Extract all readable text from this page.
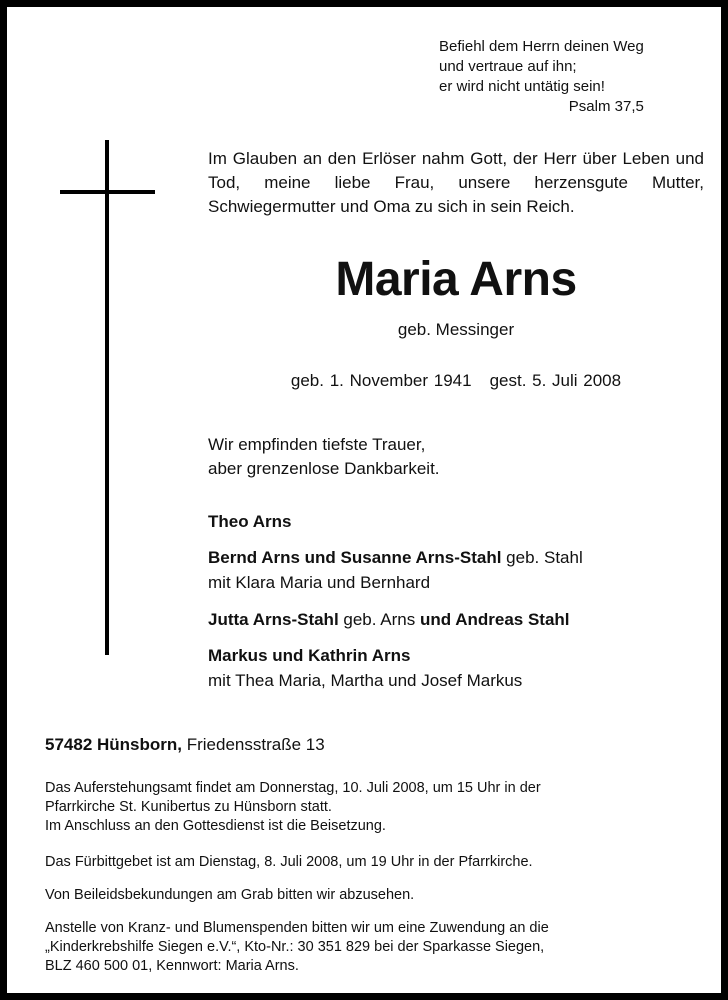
Befiehl dem Herrn deinen Weg
und vertraue auf ihn;
er wird nicht untätig sein!

Psalm 37,5

Im Glauben an den Erlöser nahm Gott, der Herr über Leben und Tod, meine liebe Frau, unsere herzensgute Mutter, Schwiegermutter und Oma zu sich in sein Reich.

Maria Arns
geb. Messinger
geb. 1. November 1941 gest. 5. Juli 2008
Wir empfinden tiefste Trauer,
aber grenzenlose Dankbarkeit.
Theo Arns
Bernd Arns und Susanne Arns-Stahl geb. Stahl
mit Klara Maria und Bernhard
Jutta Arns-Stahl geb. Arns und Andreas Stahl
Markus und Kathrin Arns
mit Thea Maria, Martha und Josef Markus
57482 Hünsborn, Friedensstraße 13
Das Auferstehungsamt findet am Donnerstag, 10. Juli 2008, um 15 Uhr in der
Pfarrkirche St. Kunibertus zu Hünsborn statt.
Im Anschluss an den Gottesdienst ist die Beisetzung.
Das Fürbittgebet ist am Dienstag, 8. Juli 2008, um 19 Uhr in der Pfarrkirche.
Von Beileidsbekundungen am Grab bitten wir abzusehen.
Anstelle von Kranz- und Blumenspenden bitten wir um eine Zuwendung an die
„Kinderkrebshilfe Siegen e.V.“, Kto-Nr.: 30 351 829 bei der Sparkasse Siegen,
BLZ 460 500 01, Kennwort: Maria Arns.
